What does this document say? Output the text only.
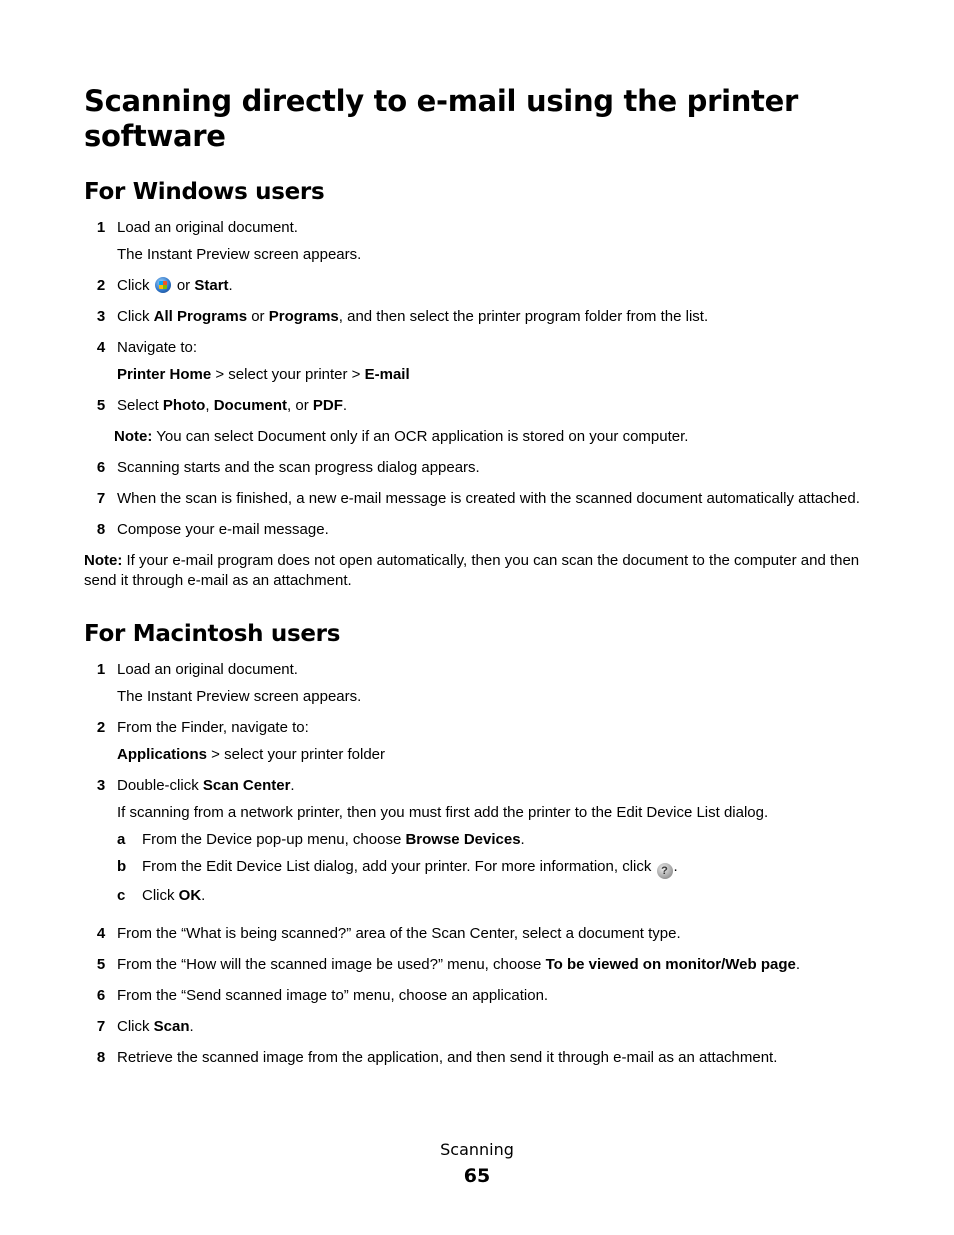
Scanning directly to e-mail using the printer software
For Windows users
1 Load an original document.
The Instant Preview screen appears.
2 Click  or Start.
3 Click All Programs or Programs, and then select the printer program folder from the list.
4 Navigate to:
Printer Home > select your printer > E-mail
5 Select Photo, Document, or PDF.
Note: You can select Document only if an OCR application is stored on your computer.
6 Scanning starts and the scan progress dialog appears.
7 When the scan is finished, a new e-mail message is created with the scanned document automatically attached.
8 Compose your e-mail message.
Note: If your e-mail program does not open automatically, then you can scan the document to the computer and then send it through e-mail as an attachment.
For Macintosh users
1 Load an original document.
The Instant Preview screen appears.
2 From the Finder, navigate to:
Applications > select your printer folder
3 Double-click Scan Center.
If scanning from a network printer, then you must first add the printer to the Edit Device List dialog.
a	From the Device pop-up menu, choose Browse Devices.
b	From the Edit Device List dialog, add your printer. For more information, click ? .
c	Click OK.
4 From the “What is being scanned?” area of the Scan Center, select a document type.
5 From the “How will the scanned image be used?” menu, choose To be viewed on monitor/Web page.
6 From the “Send scanned image to” menu, choose an application.
7 Click Scan.
8 Retrieve the scanned image from the application, and then send it through e-mail as an attachment.
Scanning
65
